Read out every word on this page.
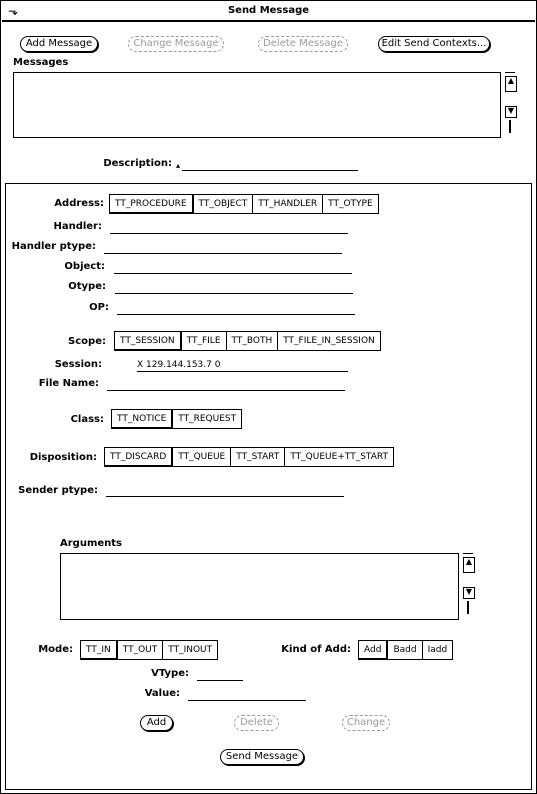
⬎	Send Message
Add Message	Change Message	Delete Message	Edit Send Contexts...
Messages
▲
▼
Description: ▴
Address:	TT_PROCEDURE	TT_OBJECT	TT_HANDLER	TT_OTYPE
Handler:
Handler ptype:
Object:
Otype:
OP:
Scope:	TT_SESSION	TT_FILE	TT_BOTH	TT_FILE_IN_SESSION
Session:	X 129.144.153.7 0
File Name:
Class:	TT_NOTICE	TT_REQUEST
Disposition:	TT_DISCARD	TT_QUEUE	TT_START	TT_QUEUE+TT_START
Sender ptype:
Arguments
▲
▼
Mode:	TT_IN	TT_OUT	TT_INOUT	Kind of Add:	Add	Badd	Iadd
VType:
Value:
Add	Delete	Change
Send Message
